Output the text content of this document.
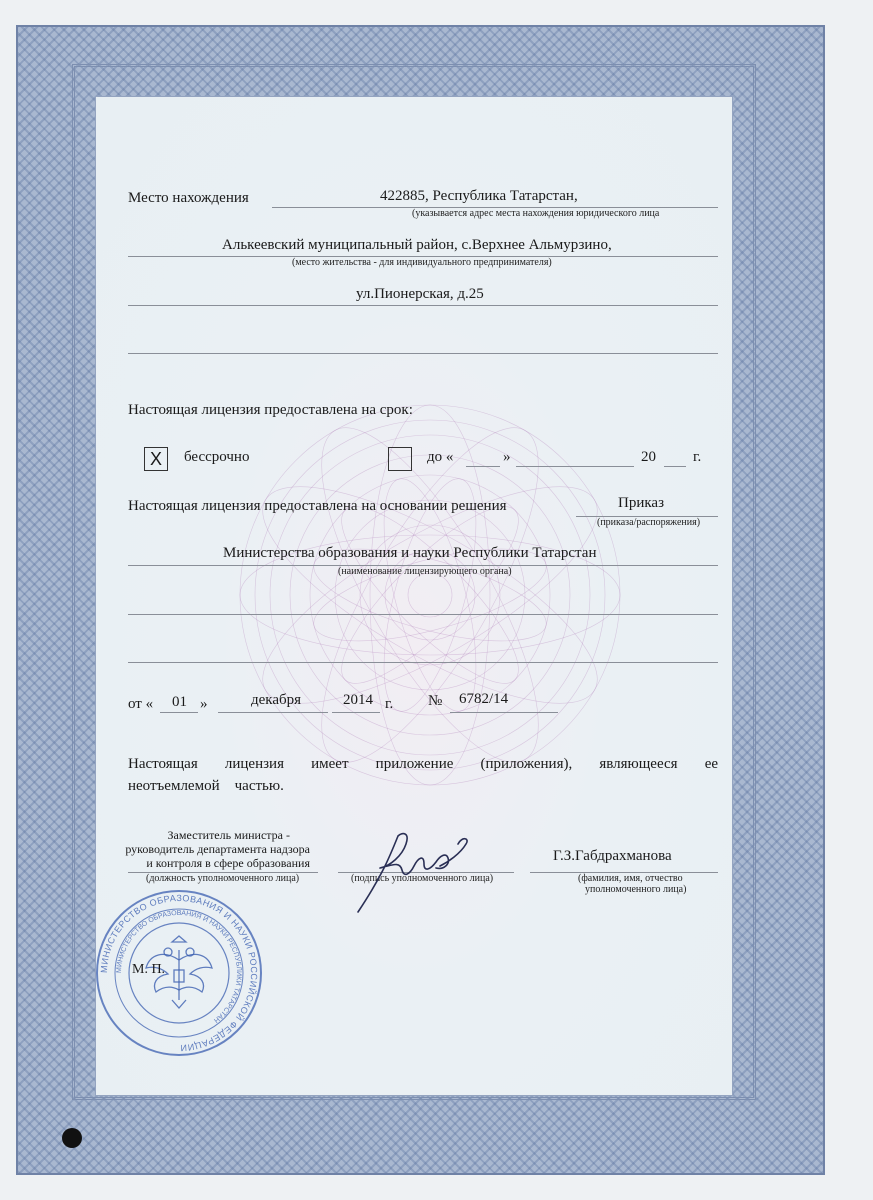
Место нахождения	422885, Республика Татарстан,
(указывается адрес места нахождения юридического лица
Алькеевский муниципальный район, с.Верхнее Альмурзино,
(место жительства - для индивидуального предпринимателя)
ул.Пионерская, д.25
Настоящая лицензия предоставлена на срок:
X	бессрочно	до «	»	20 г.
Настоящая лицензия предоставлена на основании решения	Приказ
(приказа/распоряжения)
Министерства образования и науки Республики Татарстан
(наименование лицензирующего органа)
от « 01 »	декабря	2014 г. № 6782/14
Настоящая лицензия имеет приложение (приложения), являющееся ее
неотъемлемой    частью.
Заместитель министра -
руководитель департамента надзора
и контроля в сфере образования
(должность уполномоченного лица)	(подпись уполномоченного лица)
Г.З.Габдрахманова
(фамилия, имя, отчество
уполномоченного лица)
МИНИСТЕРСТВО ОБРАЗОВАНИЯ И НАУКИ РОССИЙСКОЙ ФЕДЕРАЦИИ
МИНИСТЕРСТВО ОБРАЗОВАНИЯ И НАУКИ РЕСПУБЛИКИ ТАТАРСТАН
М. П.
